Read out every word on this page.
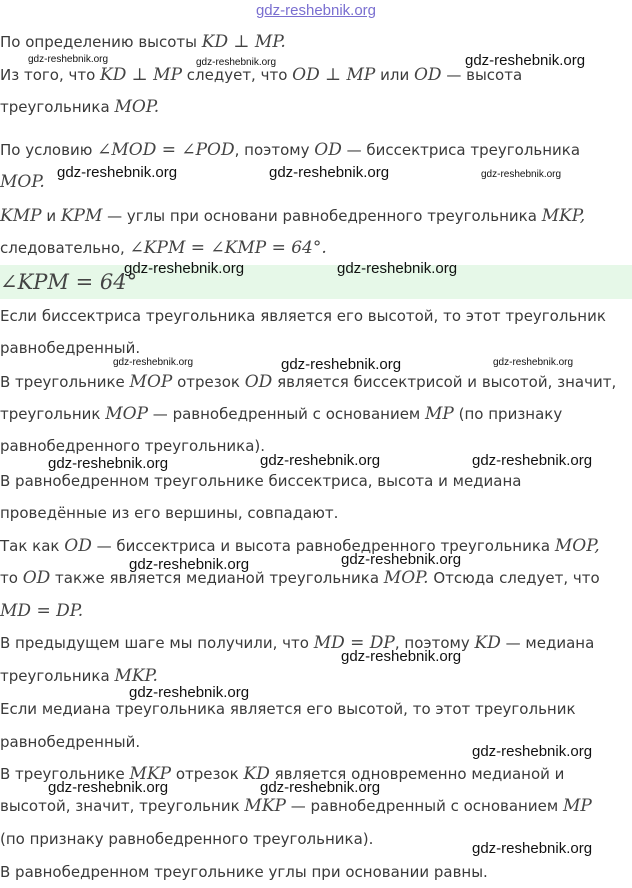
gdz-reshebnik.org

По определению высоты KD ⊥ MP.

Из того, что KD ⊥ MP следует, что OD ⊥ MP или OD — высота

треугольника MOP.

По условию ∠MOD = ∠POD, поэтому OD — биссектриса треугольника

MOP.

KMP и KPM — углы при основани равнобедренного треугольника MKP,

следовательно, ∠KPM = ∠KMP = 64°.

∠KPM = 64°

Если биссектриса треугольника является его высотой, то этот треугольник

равнобедренный.

В треугольнике MOP отрезок OD является биссектрисой и высотой, значит,

треугольник MOP — равнобедренный с основанием MP (по признаку

равнобедренного треугольника).

В равнобедренном треугольнике биссектриса, высота и медиана

проведённые из его вершины, совпадают.

Так как OD — биссектриса и высота равнобедренного треугольника MOP,

то OD также является медианой треугольника MOP. Отсюда следует, что

MD = DP.

В предыдущем шаге мы получили, что MD = DP, поэтому KD — медиана

треугольника MKP.

Если медиана треугольника является его высотой, то этот треугольник

равнобедренный.

В треугольнике MKP отрезок KD является одновременно медианой и

высотой, значит, треугольник MKP — равнобедренный с основанием MP

(по признаку равнобедренного треугольника).

В равнобедренном треугольнике углы при основании равны.

gdz-reshebnik.org	gdz-reshebnik.org	gdz-reshebnik.org
gdz-reshebnik.org	gdz-reshebnik.org	gdz-reshebnik.org
gdz-reshebnik.org	gdz-reshebnik.org
gdz-reshebnik.org	gdz-reshebnik.org	gdz-reshebnik.org
gdz-reshebnik.org	gdz-reshebnik.org	gdz-reshebnik.org
gdz-reshebnik.org	gdz-reshebnik.org
gdz-reshebnik.org
gdz-reshebnik.org
gdz-reshebnik.org
gdz-reshebnik.org	gdz-reshebnik.org
gdz-reshebnik.org
